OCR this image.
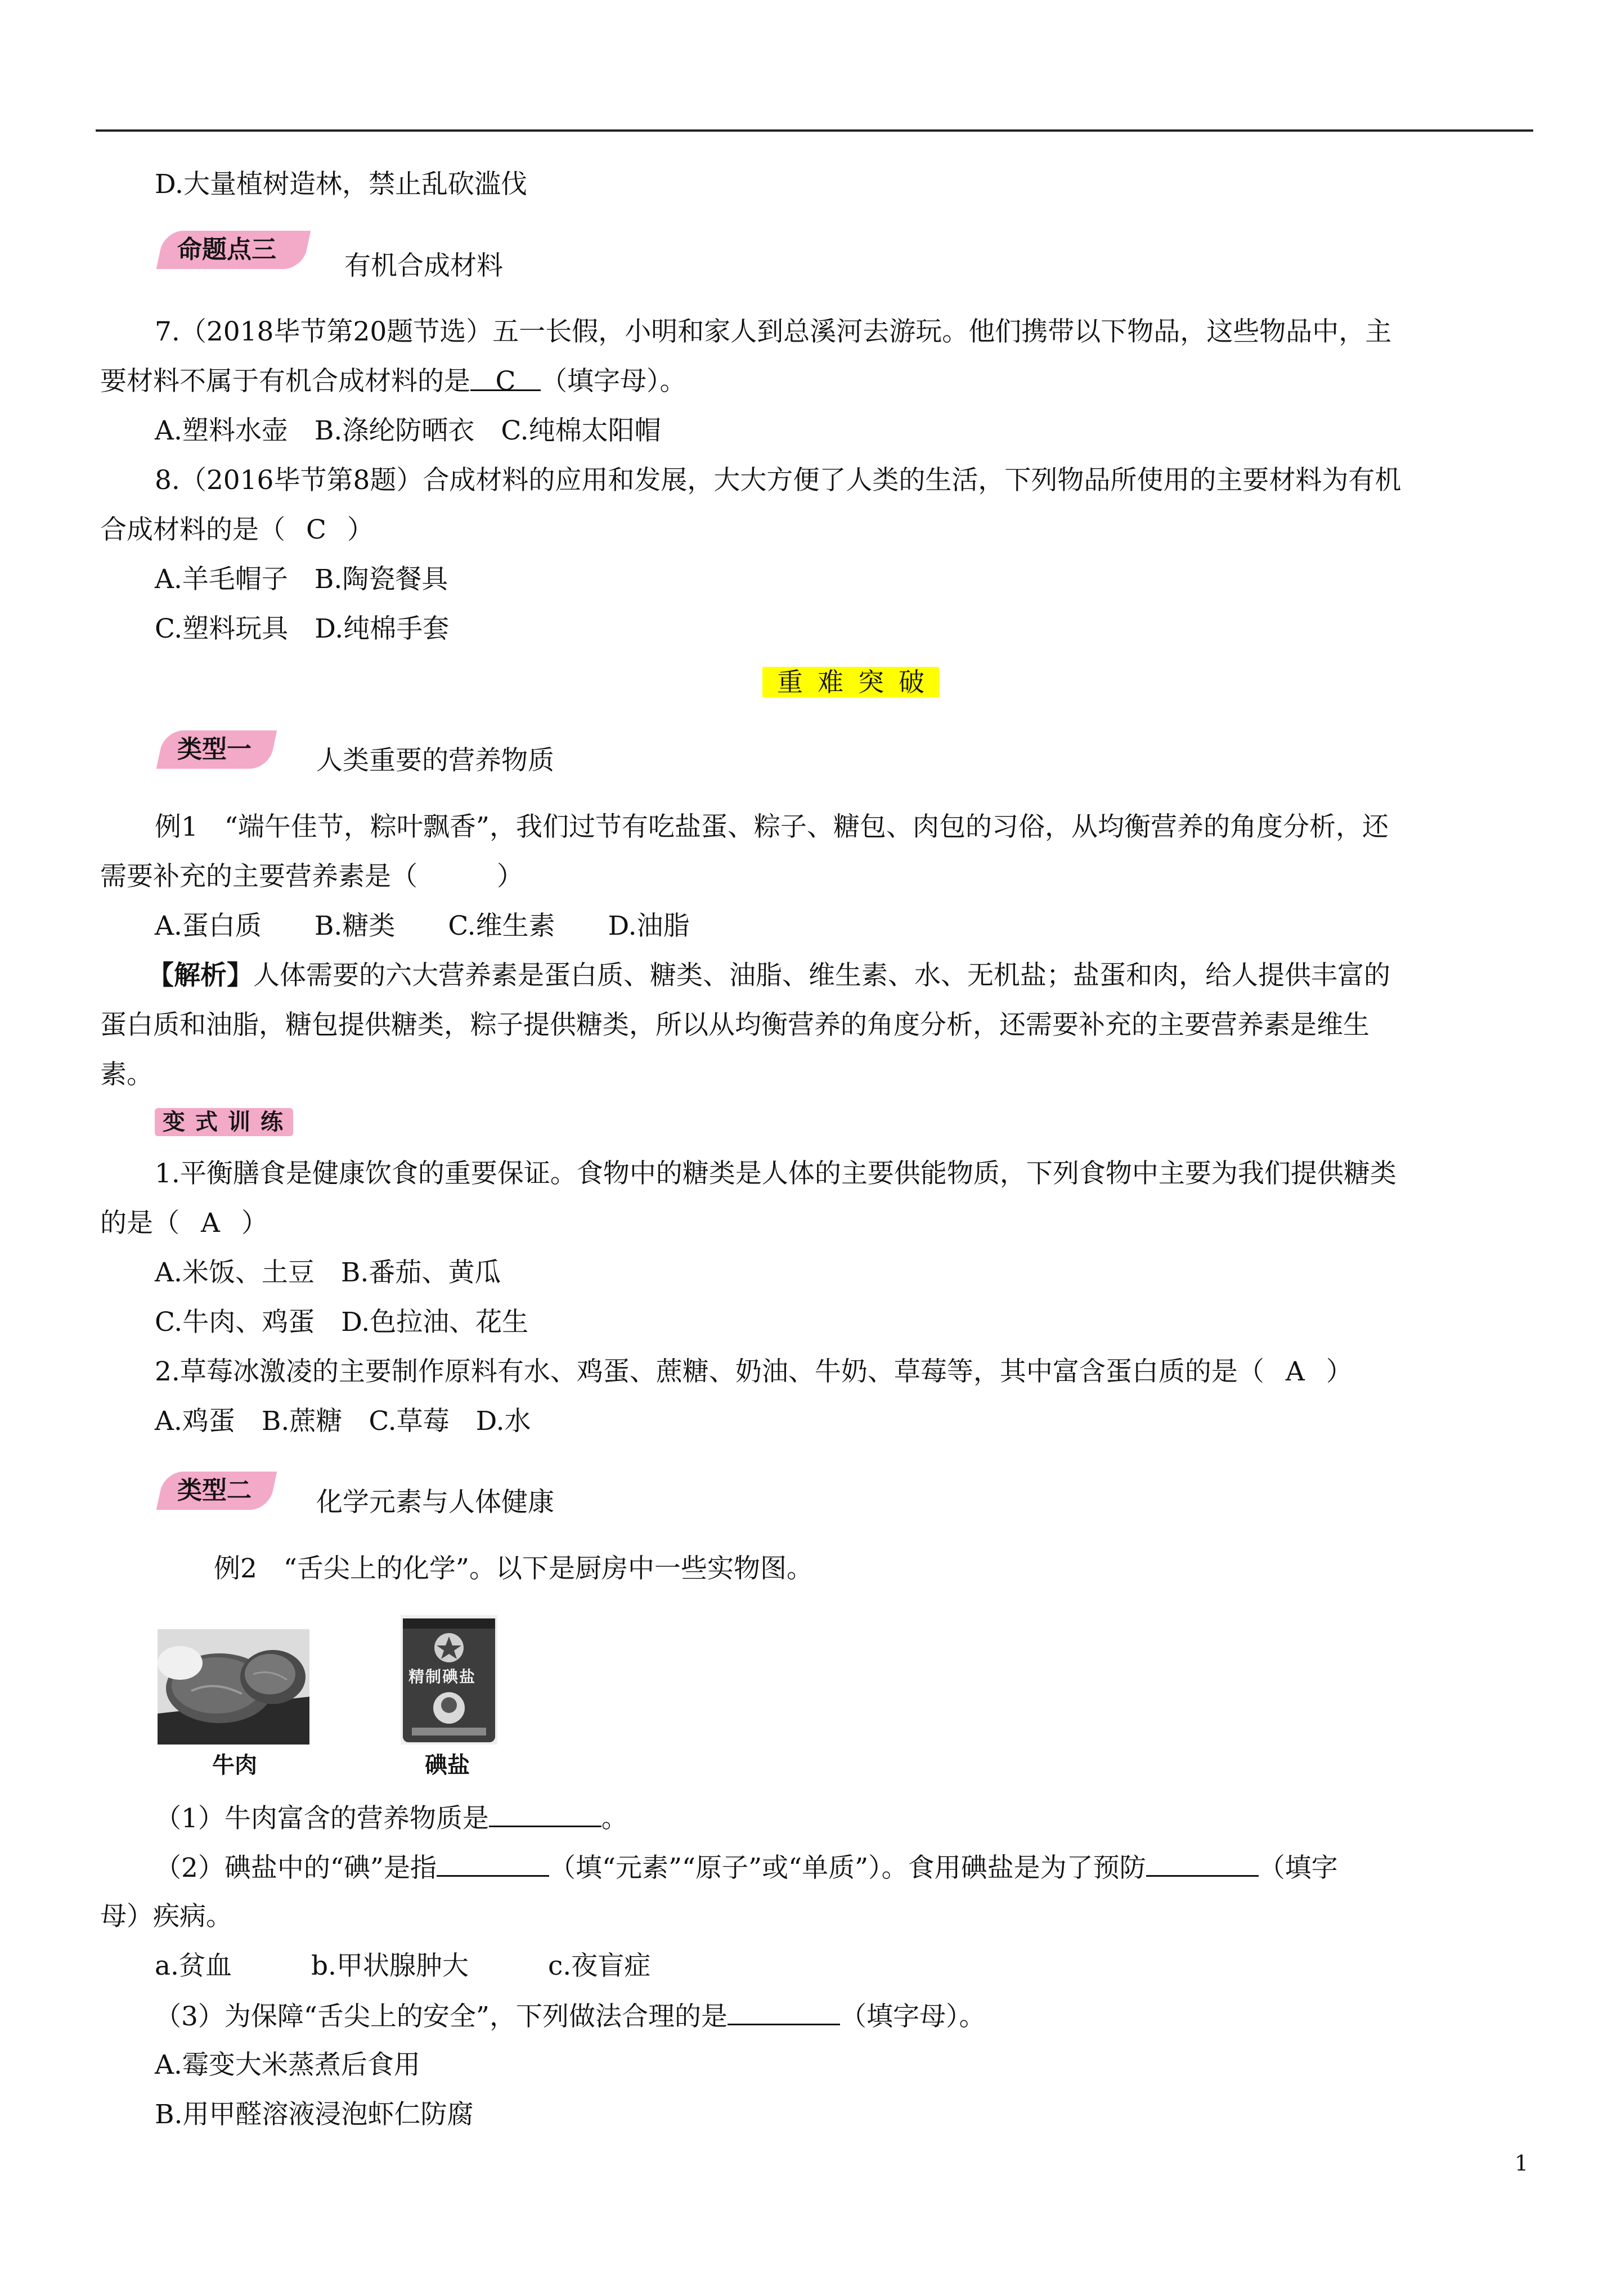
D.大量植树造林，禁止乱砍滥伐
命题点三
有机合成材料
7.（2018毕节第20题节选）五一长假，小明和家人到总溪河去游玩。他们携带以下物品，这些物品中，主
要材料不属于有机合成材料的是 C （填字母）。
A.塑料水壶　B.涤纶防晒衣　C.纯棉太阳帽
8.（2016毕节第8题）合成材料的应用和发展，大大方便了人类的生活，下列物品所使用的主要材料为有机
合成材料的是（ C ）
A.羊毛帽子　B.陶瓷餐具
C.塑料玩具　D.纯棉手套
重难突破
类型一	人类重要的营养物质
例1　“端午佳节，粽叶飘香”，我们过节有吃盐蛋、粽子、糖包、肉包的习俗，从均衡营养的角度分析，还
需要补充的主要营养素是（　　　）
A.蛋白质　　B.糖类　　C.维生素　　D.油脂
【解析】人体需要的六大营养素是蛋白质、糖类、油脂、维生素、水、无机盐；盐蛋和肉，给人提供丰富的
蛋白质和油脂，糖包提供糖类，粽子提供糖类，所以从均衡营养的角度分析，还需要补充的主要营养素是维生
素。
变式训练
1.平衡膳食是健康饮食的重要保证。食物中的糖类是人体的主要供能物质，下列食物中主要为我们提供糖类
的是（ A ）
A.米饭、土豆　B.番茄、黄瓜
C.牛肉、鸡蛋　D.色拉油、花生
2.草莓冰激凌的主要制作原料有水、鸡蛋、蔗糖、奶油、牛奶、草莓等，其中富含蛋白质的是（ A ）
A.鸡蛋　B.蔗糖　C.草莓　D.水
类型二	化学元素与人体健康
例2　“舌尖上的化学”。以下是厨房中一些实物图。
牛肉
精制碘盐
碘盐
（1）牛肉富含的营养物质是	。
（2）碘盐中的“碘”是指	（填“元素”“原子”或“单质”）。食用碘盐是为了预防	（填字
母）疾病。
a.贫血　　　b.甲状腺肿大　　　c.夜盲症
（3）为保障“舌尖上的安全”，下列做法合理的是	（填字母）。
A.霉变大米蒸煮后食用
B.用甲醛溶液浸泡虾仁防腐
1
